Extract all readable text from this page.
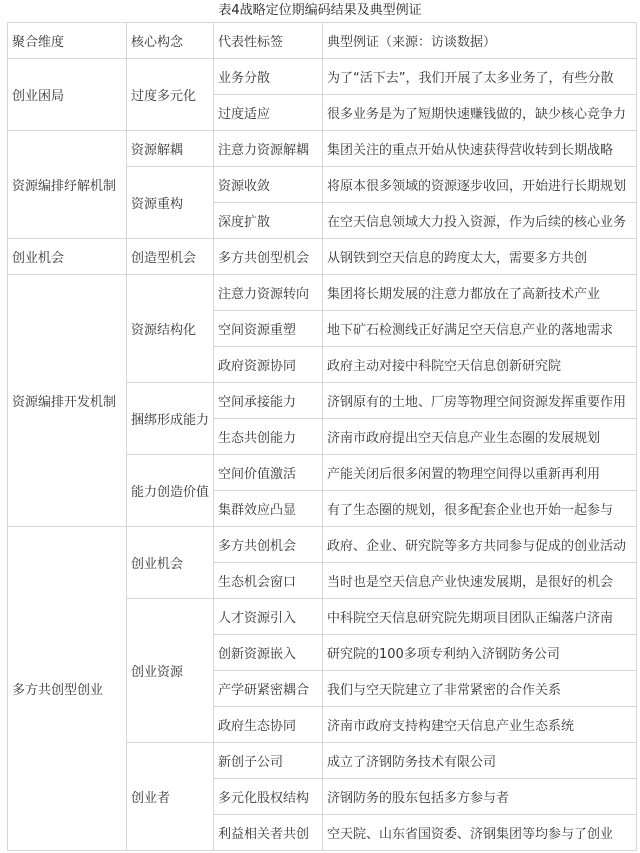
表4战略定位期编码结果及典型例证
聚合维度	核心构念	代表性标签	典型例证（来源：访谈数据）
创业困局	过度多元化	业务分散	为了“活下去”，我们开展了太多业务了，有些分散
		过度适应	很多业务是为了短期快速赚钱做的，缺少核心竞争力
资源编排纾解机制	资源解耦	注意力资源解耦	集团关注的重点开始从快速获得营收转到长期战略
	资源重构	资源收敛	将原本很多领域的资源逐步收回，开始进行长期规划
		深度扩散	在空天信息领域大力投入资源，作为后续的核心业务
创业机会	创造型机会	多方共创型机会	从钢铁到空天信息的跨度太大，需要多方共创
资源编排开发机制	资源结构化	注意力资源转向	集团将长期发展的注意力都放在了高新技术产业
		空间资源重塑	地下矿石检测线正好满足空天信息产业的落地需求
		政府资源协同	政府主动对接中科院空天信息创新研究院
	捆绑形成能力	空间承接能力	济钢原有的土地、厂房等物理空间资源发挥重要作用
		生态共创能力	济南市政府提出空天信息产业生态圈的发展规划
	能力创造价值	空间价值激活	产能关闭后很多闲置的物理空间得以重新再利用
		集群效应凸显	有了生态圈的规划，很多配套企业也开始一起参与
多方共创型创业	创业机会	多方共创机会	政府、企业、研究院等多方共同参与促成的创业活动
		生态机会窗口	当时也是空天信息产业快速发展期，是很好的机会
	创业资源	人才资源引入	中科院空天信息研究院先期项目团队正编落户济南
		创新资源嵌入	研究院的100多项专利纳入济钢防务公司
		产学研紧密耦合	我们与空天院建立了非常紧密的合作关系
		政府生态协同	济南市政府支持构建空天信息产业生态系统
	创业者	新创子公司	成立了济钢防务技术有限公司
		多元化股权结构	济钢防务的股东包括多方参与者
		利益相关者共创	空天院、山东省国资委、济钢集团等均参与了创业
